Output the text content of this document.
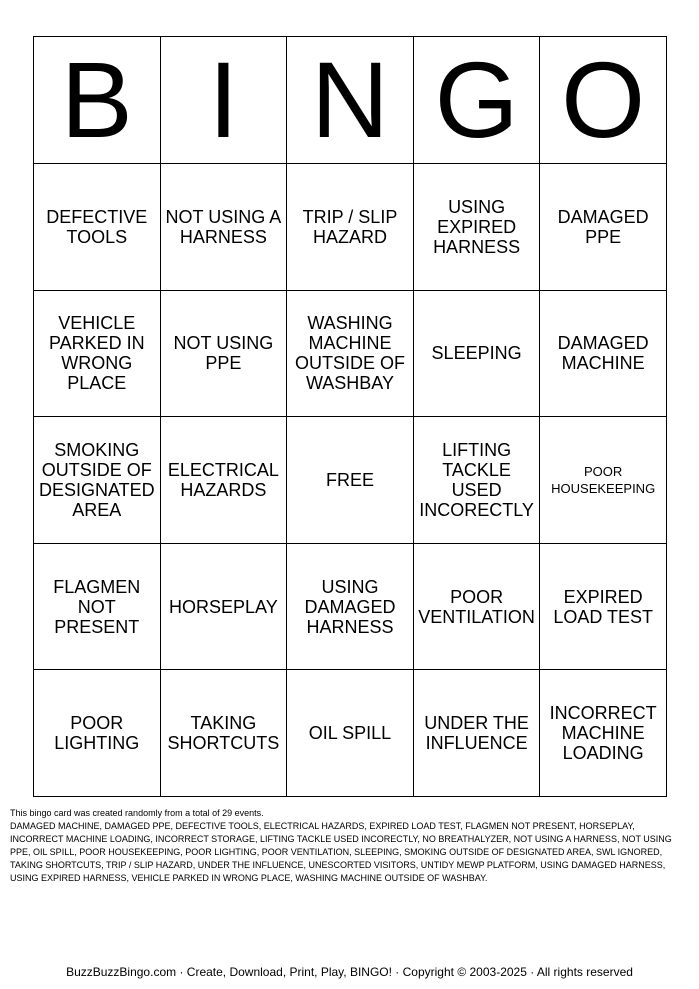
B	I	N	G	O
DEFECTIVE TOOLS	NOT USING A HARNESS	TRIP / SLIP HAZARD	USING EXPIRED HARNESS	DAMAGED PPE
VEHICLE PARKED IN WRONG PLACE	NOT USING PPE	WASHING MACHINE OUTSIDE OF WASHBAY	SLEEPING	DAMAGED MACHINE
SMOKING OUTSIDE OF DESIGNATED AREA	ELECTRICAL HAZARDS	FREE	LIFTING TACKLE USED INCORECTLY	POOR HOUSEKEEPING
FLAGMEN NOT PRESENT	HORSEPLAY	USING DAMAGED HARNESS	POOR VENTILATION	EXPIRED LOAD TEST
POOR LIGHTING	TAKING SHORTCUTS	OIL SPILL	UNDER THE INFLUENCE	INCORRECT MACHINE LOADING

This bingo card was created randomly from a total of 29 events.

DAMAGED MACHINE, DAMAGED PPE, DEFECTIVE TOOLS, ELECTRICAL HAZARDS, EXPIRED LOAD TEST, FLAGMEN NOT PRESENT, HORSEPLAY, INCORRECT MACHINE LOADING, INCORRECT STORAGE, LIFTING TACKLE USED INCORECTLY, NO BREATHALYZER, NOT USING A HARNESS, NOT USING PPE, OIL SPILL, POOR HOUSEKEEPING, POOR LIGHTING, POOR VENTILATION, SLEEPING, SMOKING OUTSIDE OF DESIGNATED AREA, SWL IGNORED, TAKING SHORTCUTS, TRIP / SLIP HAZARD, UNDER THE INFLUENCE, UNESCORTED VISITORS, UNTIDY MEWP PLATFORM, USING DAMAGED HARNESS, USING EXPIRED HARNESS, VEHICLE PARKED IN WRONG PLACE, WASHING MACHINE OUTSIDE OF WASHBAY.

BuzzBuzzBingo.com · Create, Download, Print, Play, BINGO! · Copyright © 2003-2025 · All rights reserved
